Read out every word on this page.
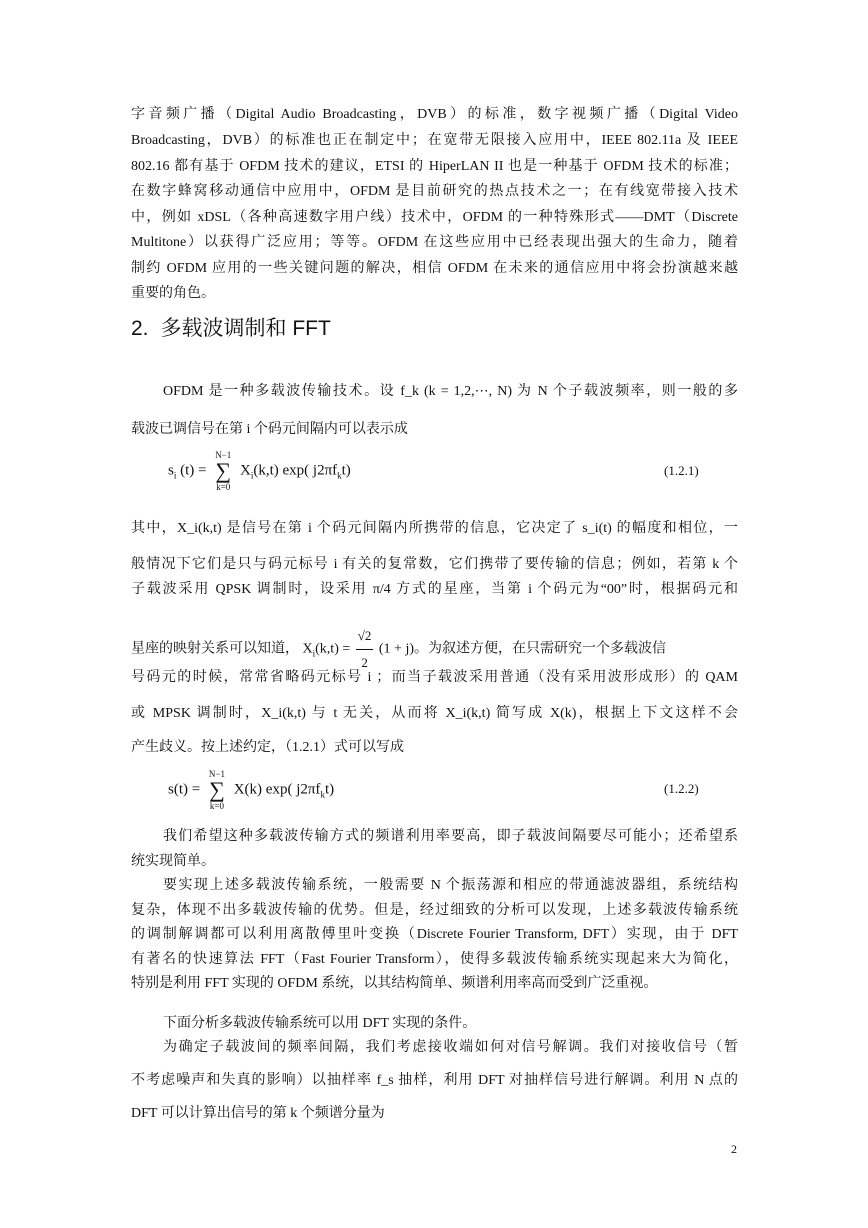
字音频广播（Digital Audio Broadcasting，DVB）的标准，数字视频广播（Digital Video
Broadcasting，DVB）的标准也正在制定中；在宽带无限接入应用中，IEEE 802.11a 及 IEEE
802.16 都有基于 OFDM 技术的建议，ETSI 的 HiperLAN II 也是一种基于 OFDM 技术的标准；
在数字蜂窝移动通信中应用中，OFDM 是目前研究的热点技术之一；在有线宽带接入技术
中，例如 xDSL（各种高速数字用户线）技术中，OFDM 的一种特殊形式——DMT（Discrete
Multitone）以获得广泛应用；等等。OFDM 在这些应用中已经表现出强大的生命力，随着
制约 OFDM 应用的一些关键问题的解决，相信 OFDM 在未来的通信应用中将会扮演越来越
重要的角色。
2. 多载波调制和 FFT
OFDM 是一种多载波传输技术。设 f_k (k = 1,2,⋯, N) 为 N 个子载波频率，则一般的多
载波已调信号在第 i 个码元间隔内可以表示成
$s_i$ (t) =
N−1
∑
k=0
$X_i(k,t)$ exp( $j2\pi f_kt$)	(1.2.1)
其中，X_i(k,t) 是信号在第 i 个码元间隔内所携带的信息，它决定了 s_i(t) 的幅度和相位，一
般情况下它们是只与码元标号 i 有关的复常数，它们携带了要传输的信息；例如，若第 k 个
子载波采用 QPSK 调制时，设采用 π/4 方式的星座，当第 i 个码元为“00”时，根据码元和
星座的映射关系可以知道， $X_i(k,t) = \frac{√2}{2} (1 + j)$。为叙述方便，在只需研究一个多载波信
号码元的时候，常常省略码元标号 i ；而当子载波采用普通（没有采用波形成形）的 QAM
或 MPSK 调制时，X_i(k,t) 与 t 无关，从而将 X_i(k,t) 简写成 X(k)，根据上下文这样不会
产生歧义。按上述约定，（1.2.1）式可以写成
s(t) =
N−1
∑
k=0
X(k) exp( $j2\pi f_kt$)	(1.2.2)
我们希望这种多载波传输方式的频谱利用率要高，即子载波间隔要尽可能小；还希望系
统实现简单。
要实现上述多载波传输系统，一般需要 N 个振荡源和相应的带通滤波器组，系统结构
复杂，体现不出多载波传输的优势。但是，经过细致的分析可以发现，上述多载波传输系统
的调制解调都可以利用离散傅里叶变换（Discrete Fourier Transform, DFT）实现，由于 DFT
有著名的快速算法 FFT（Fast Fourier Transform），使得多载波传输系统实现起来大为简化，
特别是利用 FFT 实现的 OFDM 系统，以其结构简单、频谱利用率高而受到广泛重视。
下面分析多载波传输系统可以用 DFT 实现的条件。
为确定子载波间的频率间隔，我们考虑接收端如何对信号解调。我们对接收信号（暂
不考虑噪声和失真的影响）以抽样率 f_s 抽样，利用 DFT 对抽样信号进行解调。利用 N 点的
DFT 可以计算出信号的第 k 个频谱分量为
2
